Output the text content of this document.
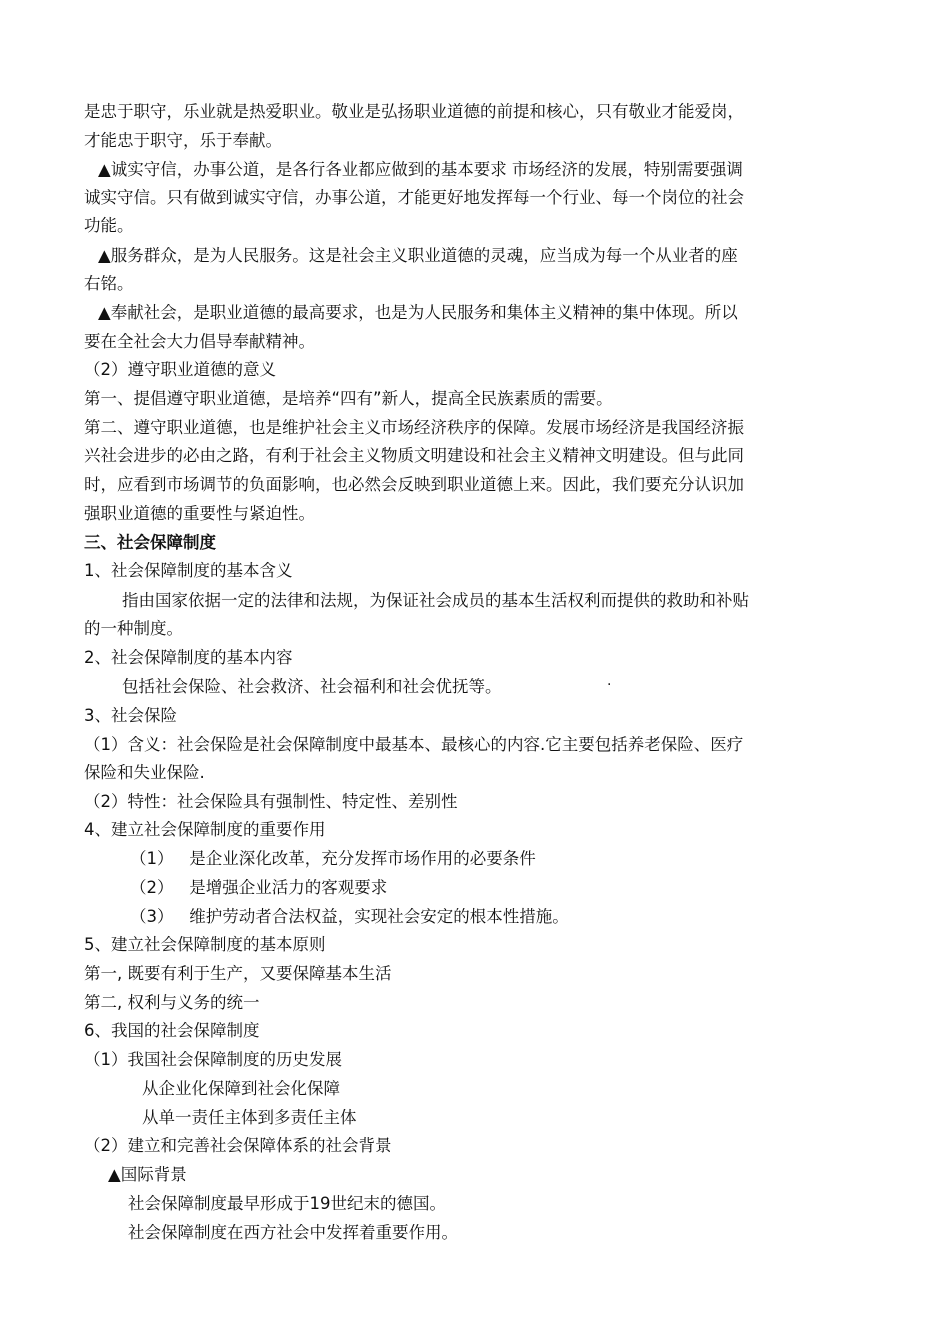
是忠于职守，乐业就是热爱职业。敬业是弘扬职业道德的前提和核心，只有敬业才能爱岗，
才能忠于职守，乐于奉献。
▲诚实守信，办事公道，是各行各业都应做到的基本要求 市场经济的发展，特别需要强调
诚实守信。只有做到诚实守信，办事公道，才能更好地发挥每一个行业、每一个岗位的社会
功能。
▲服务群众，是为人民服务。这是社会主义职业道德的灵魂，应当成为每一个从业者的座
右铭。
▲奉献社会，是职业道德的最高要求，也是为人民服务和集体主义精神的集中体现。所以
要在全社会大力倡导奉献精神。
（2）遵守职业道德的意义
第一、提倡遵守职业道德，是培养“四有”新人，提高全民族素质的需要。
第二、遵守职业道德，也是维护社会主义市场经济秩序的保障。发展市场经济是我国经济振
兴社会进步的必由之路，有利于社会主义物质文明建设和社会主义精神文明建设。但与此同
时，应看到市场调节的负面影响，也必然会反映到职业道德上来。因此，我们要充分认识加
强职业道德的重要性与紧迫性。
三、社会保障制度
1、社会保障制度的基本含义
指由国家依据一定的法律和法规，为保证社会成员的基本生活权利而提供的救助和补贴
的一种制度。
2、社会保障制度的基本内容
包括社会保险、社会救济、社会福利和社会优抚等。	·
3、社会保险
（1）含义：社会保险是社会保障制度中最基本、最核心的内容.它主要包括养老保险、医疗
保险和失业保险.
（2）特性：社会保险具有强制性、特定性、差别性
4、建立社会保障制度的重要作用
（1）   是企业深化改革，充分发挥市场作用的必要条件
（2）   是增强企业活力的客观要求
（3）   维护劳动者合法权益，实现社会安定的根本性措施。
5、建立社会保障制度的基本原则
第一, 既要有利于生产，又要保障基本生活
第二, 权利与义务的统一
6、我国的社会保障制度
（1）我国社会保障制度的历史发展
从企业化保障到社会化保障
从单一责任主体到多责任主体
（2）建立和完善社会保障体系的社会背景
▲国际背景
社会保障制度最早形成于19世纪末的德国。
社会保障制度在西方社会中发挥着重要作用。
